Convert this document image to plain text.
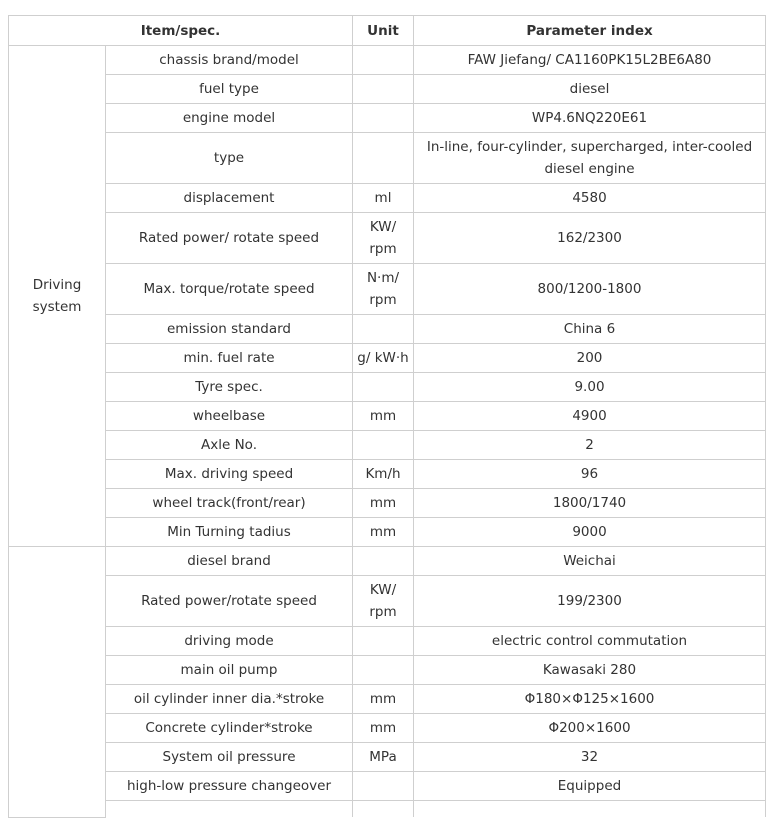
Item/spec.		Unit	Parameter index
Driving system	chassis brand/model		FAW Jiefang/ CA1160PK15L2BE6A80
	fuel type		diesel
	engine model		WP4.6NQ220E61
	type		In-line, four-cylinder, supercharged, inter-cooled diesel engine
	displacement	ml	4580
	Rated power/ rotate speed	KW/ rpm	162/2300
	Max. torque/rotate speed	N·m/ rpm	800/1200-1800
	emission standard		China 6
	min. fuel rate	g/ kW·h	200
	Tyre spec.		9.00
	wheelbase	mm	4900
	Axle No.		2
	Max. driving speed	Km/h	96
	wheel track(front/rear)	mm	1800/1740
	Min Turning tadius	mm	9000
	diesel brand		Weichai
	Rated power/rotate speed	KW/ rpm	199/2300
	driving mode		electric control commutation
	main oil pump		Kawasaki 280
	oil cylinder inner dia.*stroke	mm	Φ180×Φ125×1600
	Concrete cylinder*stroke	mm	Φ200×1600
	System oil pressure	MPa	32
	high-low pressure changeover		Equipped
